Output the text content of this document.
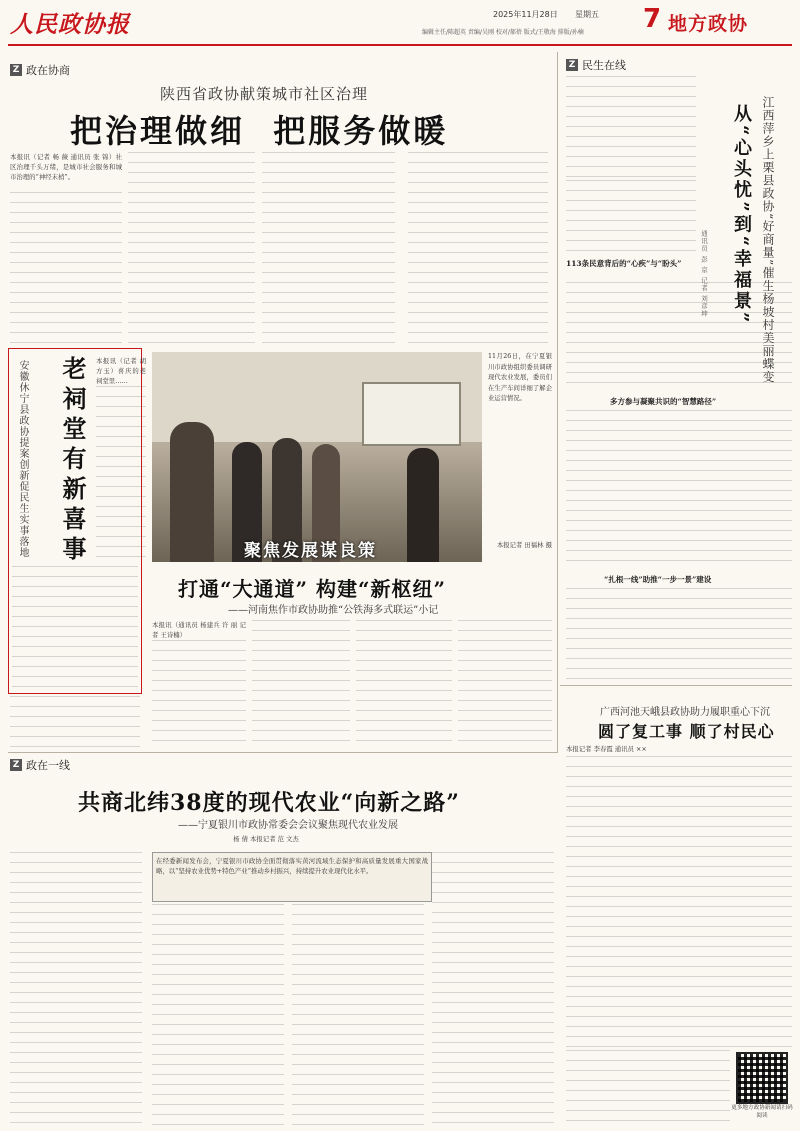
人民政协报	2025年11月28日 星期五
编辑主任/陈超英 责编/吴刚 校对/郝蓓 版式/王敬海 排版/孙楠 7 地方政协
Z 政在协商
陕西省政协献策城市社区治理
把治理做细  把服务做暖
本报讯（记者 畅 薇 通讯员 张 锦）社区治理千头万绪，是城市社会服务和城市治理的“神经末梢”。
老祠堂有新喜事
安徽休宁县政协提案创新促民生实事落地	本报讯（记者 胡方玉）喜庆的老祠堂里……
聚焦发展谋良策
11月26日，在宁夏银川市政协组织委员调研现代农业发展，委员们在生产车间详细了解企业运营情况。
本报记者 田福林 摄
打通“大通道” 构建“新枢纽”
——河南焦作市政协助推“公铁海多式联运”小记
本报讯（通讯员 杨建兵 许 丽 记者 王诗楠）
Z 民生在线
江西萍乡上栗县政协“好商量”催生杨坡村美丽蝶变
从“心头忧”到“幸福景”
通讯员 彭 京 记者 刘彦坤
113条民意背后的“心疾”与“盼头”
多方参与凝聚共识的“智慧路径”
“扎根一线”助推“一步一景”建设
广西河池天峨县政协助力履职重心下沉
圆了复工事 顺了村民心
本报记者 李春霞 通讯员 ××
更多地方政协新闻请扫码阅读
Z 政在一线
共商北纬38度的现代农业“向新之路”
——宁夏银川市政协常委会会议聚焦现代农业发展
杨 倩 本报记者 范 文杰
在经委新闻发布会，宁夏银川市政协全面贯彻落实黄河流域生态保护和高质量发展重大国家战略，以“坚持农业优势+特色产业”推动乡村振兴，持续提升农业现代化水平。
